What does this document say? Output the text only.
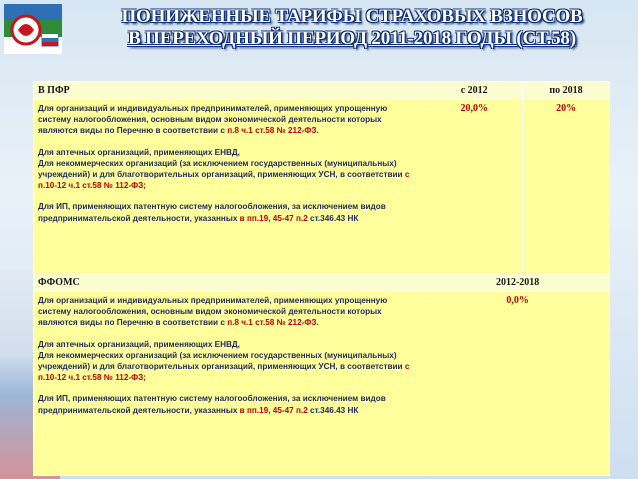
ПОНИЖЕННЫЕ ТАРИФЫ СТРАХОВЫХ ВЗНОСОВ
В ПЕРЕХОДНЫЙ ПЕРИОД 2011-2018 ГОДЫ (СТ.58)
В ПФР	с 2012	по 2018

Для организаций и индивидуальных предпринимателей, применяющих упрощенную систему налогообложения, основным видом экономической деятельности которых являются виды по Перечню в соответствии с п.8 ч.1 ст.58 № 212-ФЗ.

Для аптечных организаций, применяющих ЕНВД,
Для некоммерческих организаций (за исключением государственных (муниципальных) учреждений) и для благотворительных организаций, применяющих УСН, в соответствии с п.10-12 ч.1 ст.58 № 112-ФЗ;

Для ИП, применяющих патентную систему налогообложения, за исключением видов предпринимательской деятельности, указанных в пп.19, 45-47 п.2 ст.346.43 НК	20,0%	20%
ФФОМС	2012-2018	

Для организаций и индивидуальных предпринимателей, применяющих упрощенную систему налогообложения, основным видом экономической деятельности которых являются виды по Перечню в соответствии с п.8 ч.1 ст.58 № 212-ФЗ.

Для аптечных организаций, применяющих ЕНВД,
Для некоммерческих организаций (за исключением государственных (муниципальных) учреждений) и для благотворительных организаций, применяющих УСН, в соответствии с п.10-12 ч.1 ст.58 № 112-ФЗ;

Для ИП, применяющих патентную систему налогообложения, за исключением видов предпринимательской деятельности, указанных в пп.19, 45-47 п.2 ст.346.43 НК	0,0%	
